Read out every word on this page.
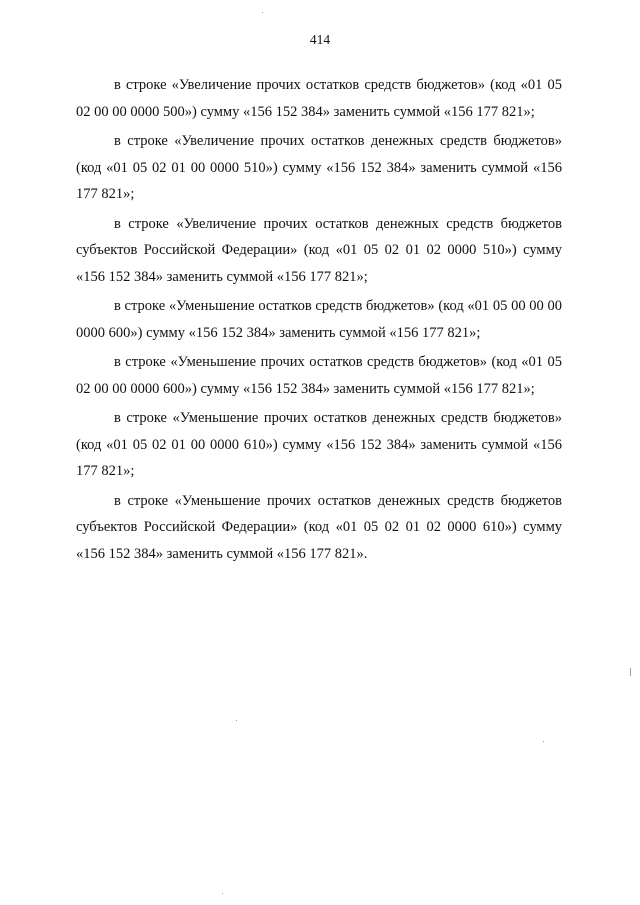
414

в строке «Увеличение прочих остатков средств бюджетов» (код «01 05 02 00 00 0000 500») сумму «156 152 384» заменить суммой «156 177 821»;

в строке «Увеличение прочих остатков денежных средств бюджетов» (код «01 05 02 01 00 0000 510») сумму «156 152 384» заменить суммой «156 177 821»;

в строке «Увеличение прочих остатков денежных средств бюджетов субъектов Российской Федерации» (код «01 05 02 01 02 0000 510») сумму «156 152 384» заменить суммой «156 177 821»;

в строке «Уменьшение остатков средств бюджетов» (код «01 05 00 00 00 0000 600») сумму «156 152 384» заменить суммой «156 177 821»;

в строке «Уменьшение прочих остатков средств бюджетов» (код «01 05 02 00 00 0000 600») сумму «156 152 384» заменить суммой «156 177 821»;

в строке «Уменьшение прочих остатков денежных средств бюджетов» (код «01 05 02 01 00 0000 610») сумму «156 152 384» заменить суммой «156 177 821»;

в строке «Уменьшение прочих остатков денежных средств бюджетов субъектов Российской Федерации» (код «01 05 02 01 02 0000 610») сумму «156 152 384» заменить суммой «156 177 821».
